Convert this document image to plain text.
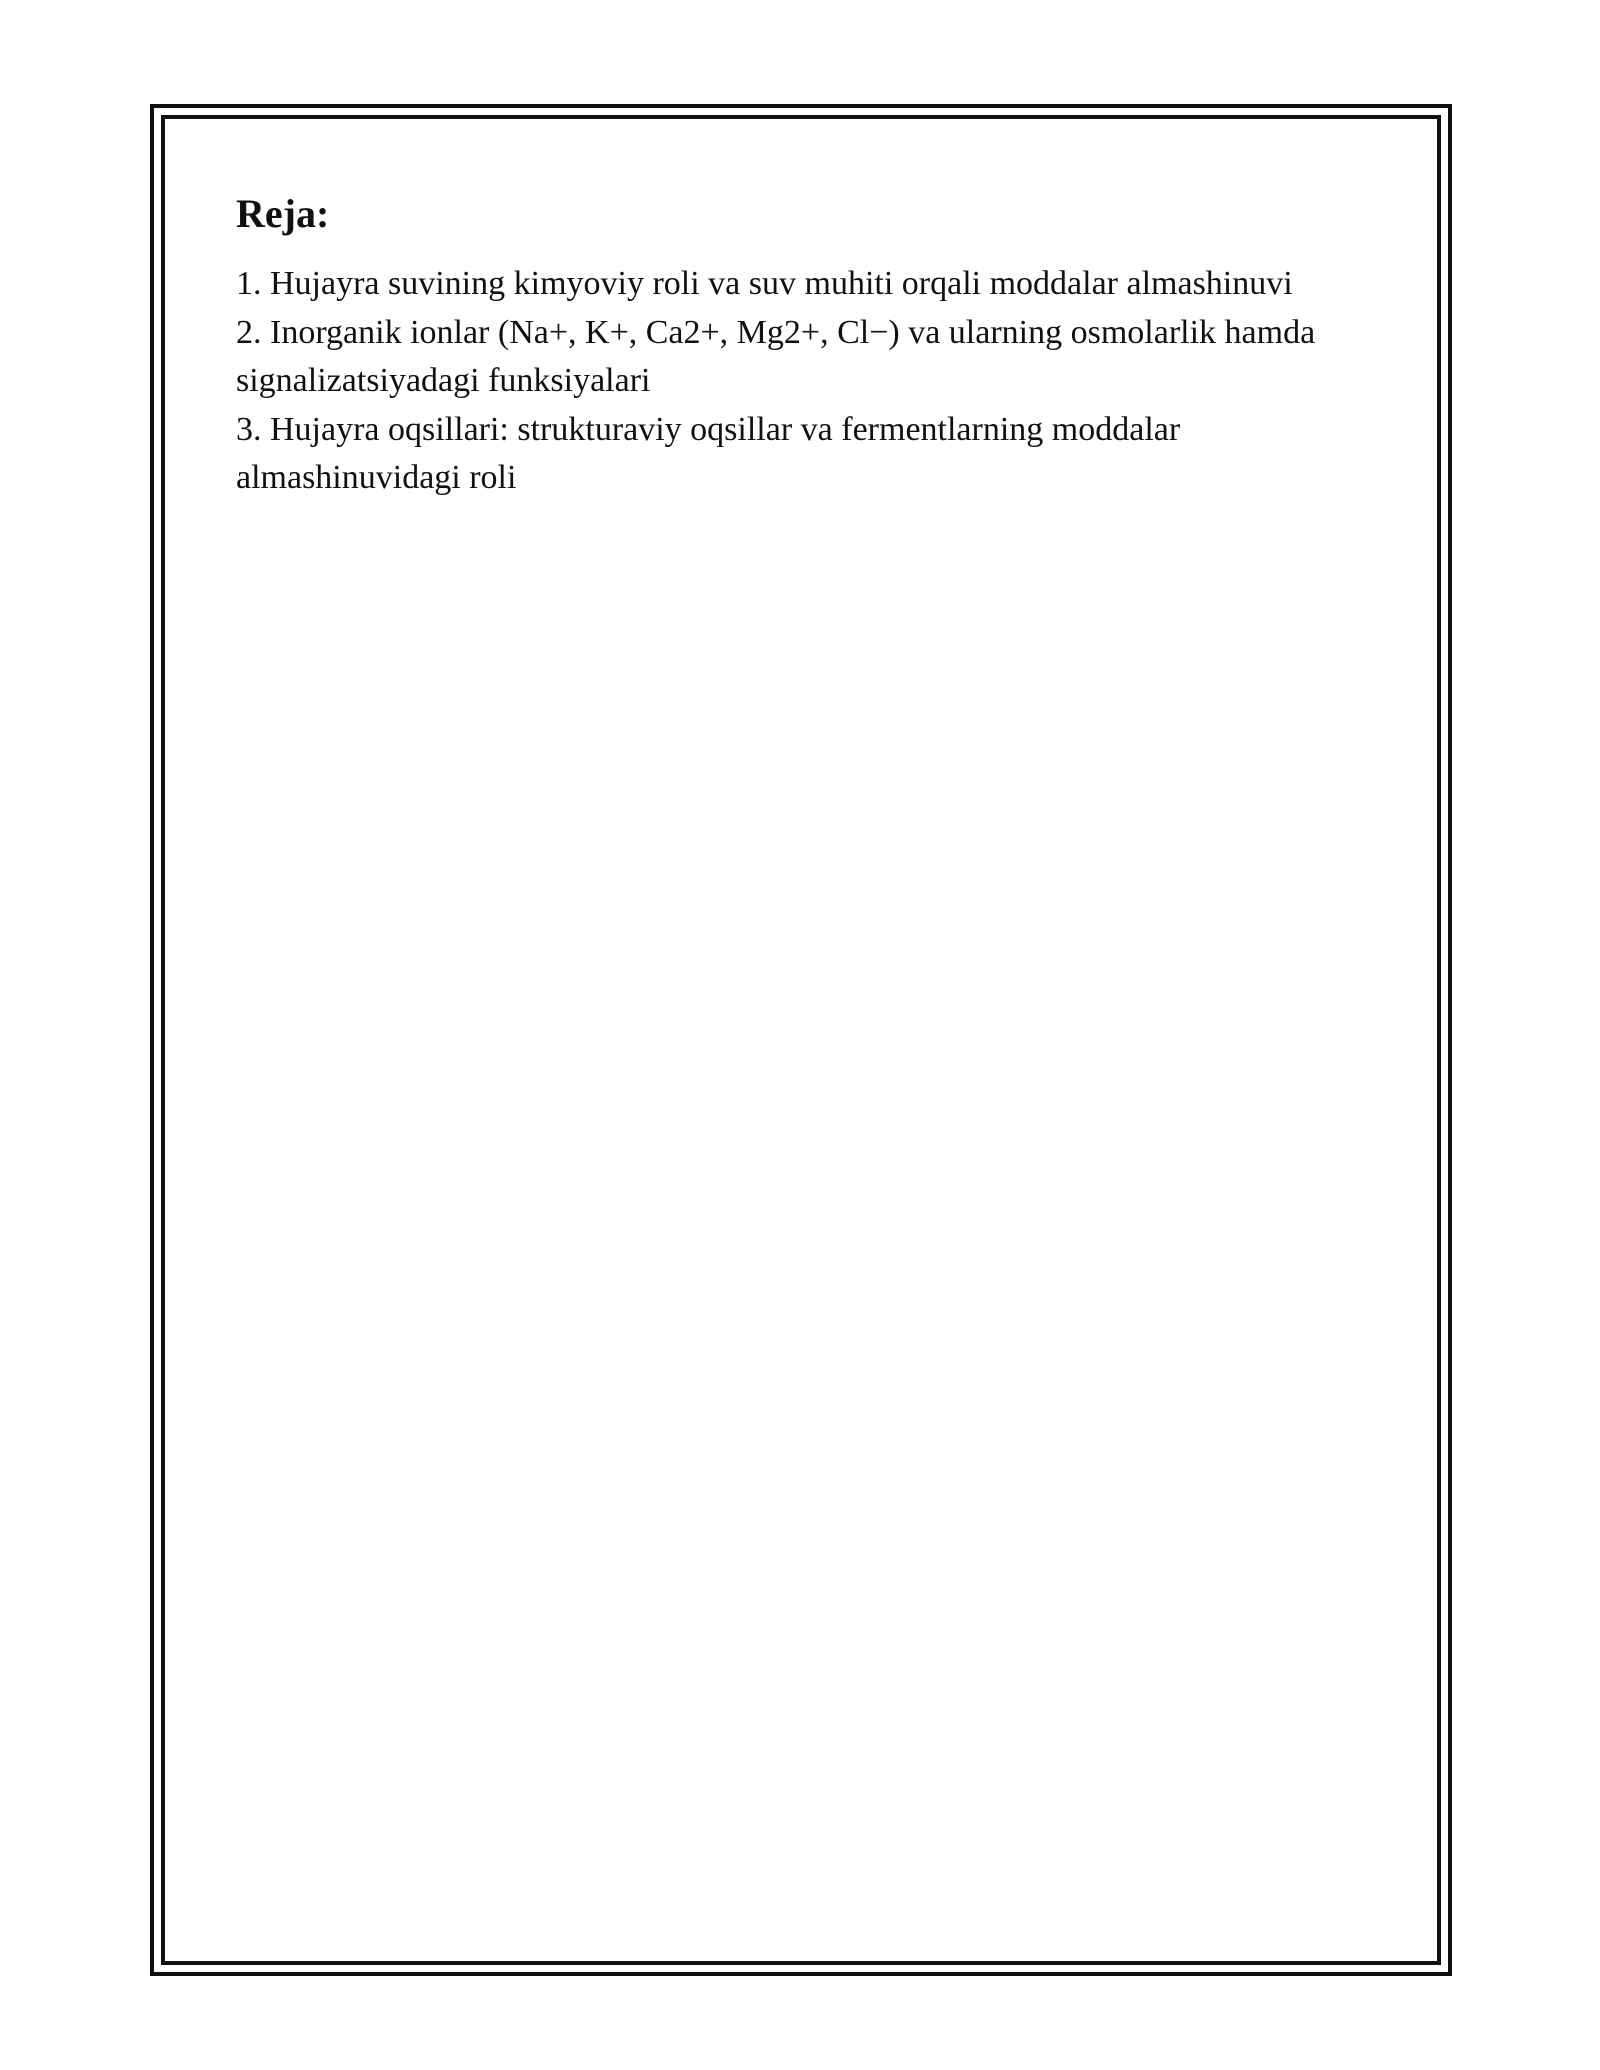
Reja:
1. Hujayra suvining kimyoviy roli va suv muhiti orqali moddalar almashinuvi
2. Inorganik ionlar (Na+, K+, Ca2+, Mg2+, Cl−) va ularning osmolarlik hamda signalizatsiyadagi funksiyalari
3. Hujayra oqsillari: strukturaviy oqsillar va fermentlarning moddalar almashinuvidagi roli
